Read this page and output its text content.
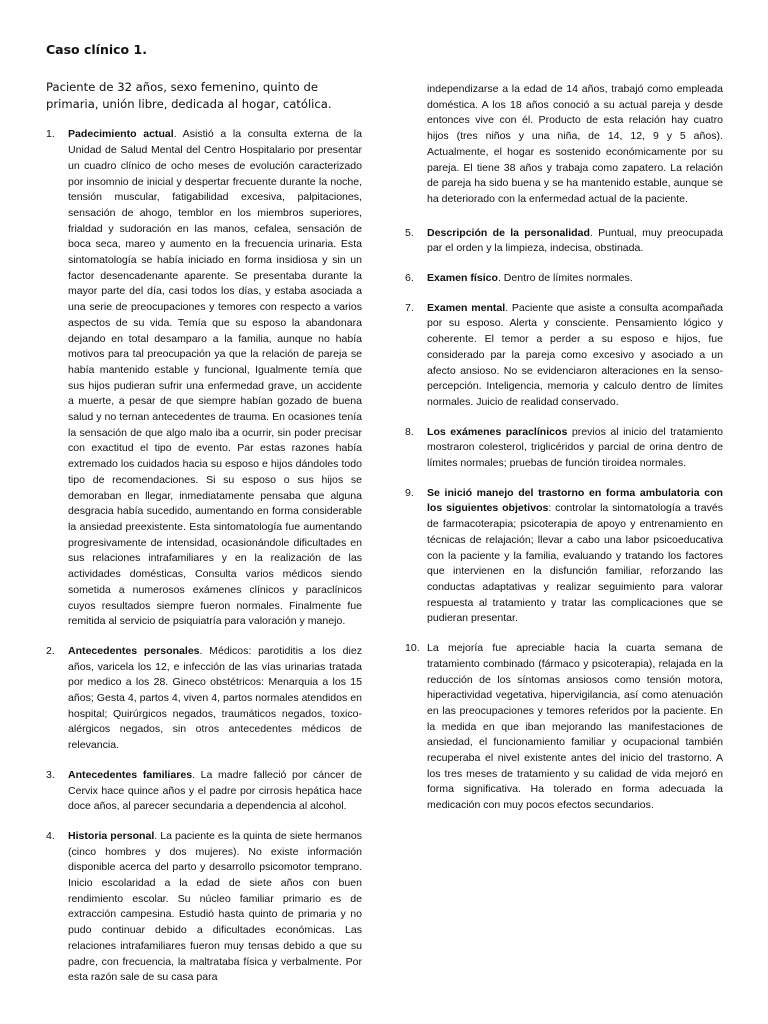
Caso clínico 1.
Paciente de 32 años, sexo femenino, quinto de primaria, unión libre, dedicada al hogar, católica.
1.	Padecimiento actual. Asistió a la consulta externa de la Unidad de Salud Mental del Centro Hospitalario por presentar un cuadro clínico de ocho meses de evolución caracterizado por insomnio de inicial y despertar frecuente durante la noche, tensión muscular, fatigabilidad excesiva, palpitaciones, sensación de ahogo, temblor en los miembros superiores, frialdad y sudoración en las manos, cefalea, sensación de boca seca, mareo y aumento en la frecuencia urinaria. Esta sintomatología se había iniciado en forma insidiosa y sin un factor desencadenante aparente. Se presentaba durante la mayor parte del día, casi todos los días, y estaba asociada a una serie de preocupaciones y temores con respecto a varios aspectos de su vida. Temía que su esposo la abandonara dejando en total desamparo a la familia, aunque no había motivos para tal preocupación ya que la relación de pareja se había mantenido estable y funcional, Igualmente temía que sus hijos pudieran sufrir una enfermedad grave, un accidente a muerte, a pesar de que siempre habían gozado de buena salud y no ternan antecedentes de trauma. En ocasiones tenía la sensación de que algo malo iba a ocurrir, sin poder precisar con exactitud el tipo de evento. Par estas razones había extremado los cuidados hacia su esposo e hijos dándoles todo tipo de recomendaciones. Si su esposo o sus hijos se demoraban en llegar, inmediatamente pensaba que alguna desgracia había sucedido, aumentando en forma considerable la ansiedad preexistente. Esta sintomatología fue aumentando progresivamente de intensidad, ocasionándole dificultades en sus relaciones intrafamiliares y en la realización de las actividades domésticas, Consulta varios médicos siendo sometida a numerosos exámenes clínicos y paraclínicos cuyos resultados siempre fueron normales. Finalmente fue remitida al servicio de psiquiatría para valoración y manejo.
2.	Antecedentes personales. Médicos: parotiditis a los diez años, varicela los 12, e infección de las vías urinarias tratada por medico a los 28. Gineco obstétricos: Menarquia a los 15 años; Gesta 4, partos 4, viven 4, partos normales atendidos en hospital; Quirúrgicos negados, traumáticos negados, toxico-alérgicos negados, sin otros antecedentes médicos de relevancia.
3.	Antecedentes familiares. La madre falleció por cáncer de Cervix hace quince años y el padre por cirrosis hepática hace doce años, al parecer secundaria a dependencia al alcohol.
4.	Historia personal. La paciente es la quinta de siete hermanos (cinco hombres y dos mujeres). No existe información disponible acerca del parto y desarrollo psicomotor temprano. Inicio escolaridad a la edad de siete años con buen rendimiento escolar. Su núcleo familiar primario es de extracción campesina. Estudió hasta quinto de primaria y no pudo continuar debido a dificultades económicas. Las relaciones intrafamiliares fueron muy tensas debido a que su padre, con frecuencia, la maltrataba física y verbalmente. Por esta razón sale de su casa para
independizarse a la edad de 14 años, trabajó como empleada doméstica. A los 18 años conoció a su actual pareja y desde entonces vive con él. Producto de esta relación hay cuatro hijos (tres niños y una niña, de 14, 12, 9 y 5 años). Actualmente, el hogar es sostenido económicamente por su pareja. El tiene 38 años y trabaja como zapatero. La relación de pareja ha sido buena y se ha mantenido estable, aunque se ha deteriorado con la enfermedad actual de la paciente.
5.	Descripción de la personalidad. Puntual, muy preocupada par el orden y la limpieza, indecisa, obstinada.
6.	Examen físico. Dentro de límites normales.
7.	Examen mental. Paciente que asiste a consulta acompañada por su esposo. Alerta y consciente. Pensamiento lógico y coherente. El temor a perder a su esposo e hijos, fue considerado par la pareja como excesivo y asociado a un afecto ansioso. No se evidenciaron alteraciones en la senso-percepción. Inteligencia, memoria y calculo dentro de límites normales. Juicio de realidad conservado.
8.	Los exámenes paraclínicos previos al inicio del tratamiento mostraron colesterol, triglicéridos y parcial de orina dentro de límites normales; pruebas de función tiroidea normales.
9.	Se inició manejo del trastorno en forma ambulatoria con los siguientes objetivos: controlar la sintomatología a través de farmacoterapia; psicoterapia de apoyo y entrenamiento en técnicas de relajación; llevar a cabo una labor psicoeducativa con la paciente y la familia, evaluando y tratando los factores que intervienen en la disfunción familiar, reforzando las conductas adaptativas y realizar seguimiento para valorar respuesta al tratamiento y tratar las complicaciones que se pudieran presentar.
10. La mejoría fue apreciable hacia la cuarta semana de tratamiento combinado (fármaco y psicoterapia), relajada en la reducción de los síntomas ansiosos como tensión motora, hiperactividad vegetativa, hipervigilancia, así como atenuación en las preocupaciones y temores referidos por la paciente. En la medida en que iban mejorando las manifestaciones de ansiedad, el funcionamiento familiar y ocupacional también recuperaba el nivel existente antes del inicio del trastorno. A los tres meses de tratamiento y su calidad de vida mejoró en forma significativa. Ha tolerado en forma adecuada la medicación con muy pocos efectos secundarios.
